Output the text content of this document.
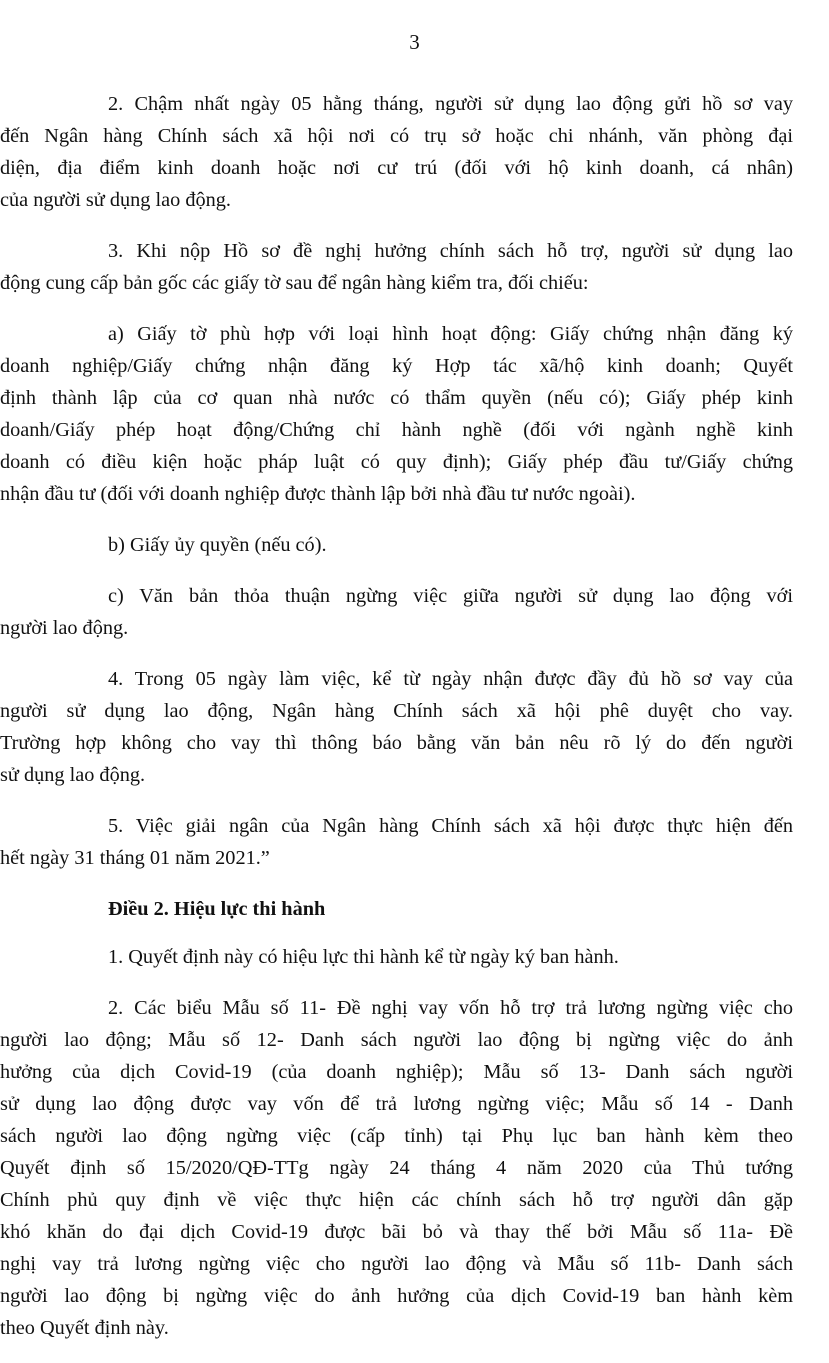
3

2. Chậm nhất ngày 05 hằng tháng, người sử dụng lao động gửi hồ sơ vay
đến Ngân hàng Chính sách xã hội nơi có trụ sở hoặc chi nhánh, văn phòng đại
diện, địa điểm kinh doanh hoặc nơi cư trú (đối với hộ kinh doanh, cá nhân)
của người sử dụng lao động.

3. Khi nộp Hồ sơ đề nghị hưởng chính sách hỗ trợ, người sử dụng lao
động cung cấp bản gốc các giấy tờ sau để ngân hàng kiểm tra, đối chiếu:

a) Giấy tờ phù hợp với loại hình hoạt động: Giấy chứng nhận đăng ký
doanh nghiệp/Giấy chứng nhận đăng ký Hợp tác xã/hộ kinh doanh; Quyết
định thành lập của cơ quan nhà nước có thẩm quyền (nếu có); Giấy phép kinh
doanh/Giấy phép hoạt động/Chứng chỉ hành nghề (đối với ngành nghề kinh
doanh có điều kiện hoặc pháp luật có quy định); Giấy phép đầu tư/Giấy chứng
nhận đầu tư (đối với doanh nghiệp được thành lập bởi nhà đầu tư nước ngoài).

b) Giấy ủy quyền (nếu có).

c) Văn bản thỏa thuận ngừng việc giữa người sử dụng lao động với
người lao động.

4. Trong 05 ngày làm việc, kể từ ngày nhận được đầy đủ hồ sơ vay của
người sử dụng lao động, Ngân hàng Chính sách xã hội phê duyệt cho vay.
Trường hợp không cho vay thì thông báo bằng văn bản nêu rõ lý do đến người
sử dụng lao động.

5. Việc giải ngân của Ngân hàng Chính sách xã hội được thực hiện đến
hết ngày 31 tháng 01 năm 2021.”

Điều 2. Hiệu lực thi hành

1. Quyết định này có hiệu lực thi hành kể từ ngày ký ban hành.

2. Các biểu Mẫu số 11- Đề nghị vay vốn hỗ trợ trả lương ngừng việc cho
người lao động; Mẫu số 12- Danh sách người lao động bị ngừng việc do ảnh
hưởng của dịch Covid-19 (của doanh nghiệp); Mẫu số 13- Danh sách người
sử dụng lao động được vay vốn để trả lương ngừng việc; Mẫu số 14 - Danh
sách người lao động ngừng việc (cấp tỉnh) tại Phụ lục ban hành kèm theo
Quyết định số 15/2020/QĐ-TTg ngày 24 tháng 4 năm 2020 của Thủ tướng
Chính phủ quy định về việc thực hiện các chính sách hỗ trợ người dân gặp
khó khăn do đại dịch Covid-19 được bãi bỏ và thay thế bởi Mẫu số 11a- Đề
nghị vay trả lương ngừng việc cho người lao động và Mẫu số 11b- Danh sách
người lao động bị ngừng việc do ảnh hưởng của dịch Covid-19 ban hành kèm
theo Quyết định này.
